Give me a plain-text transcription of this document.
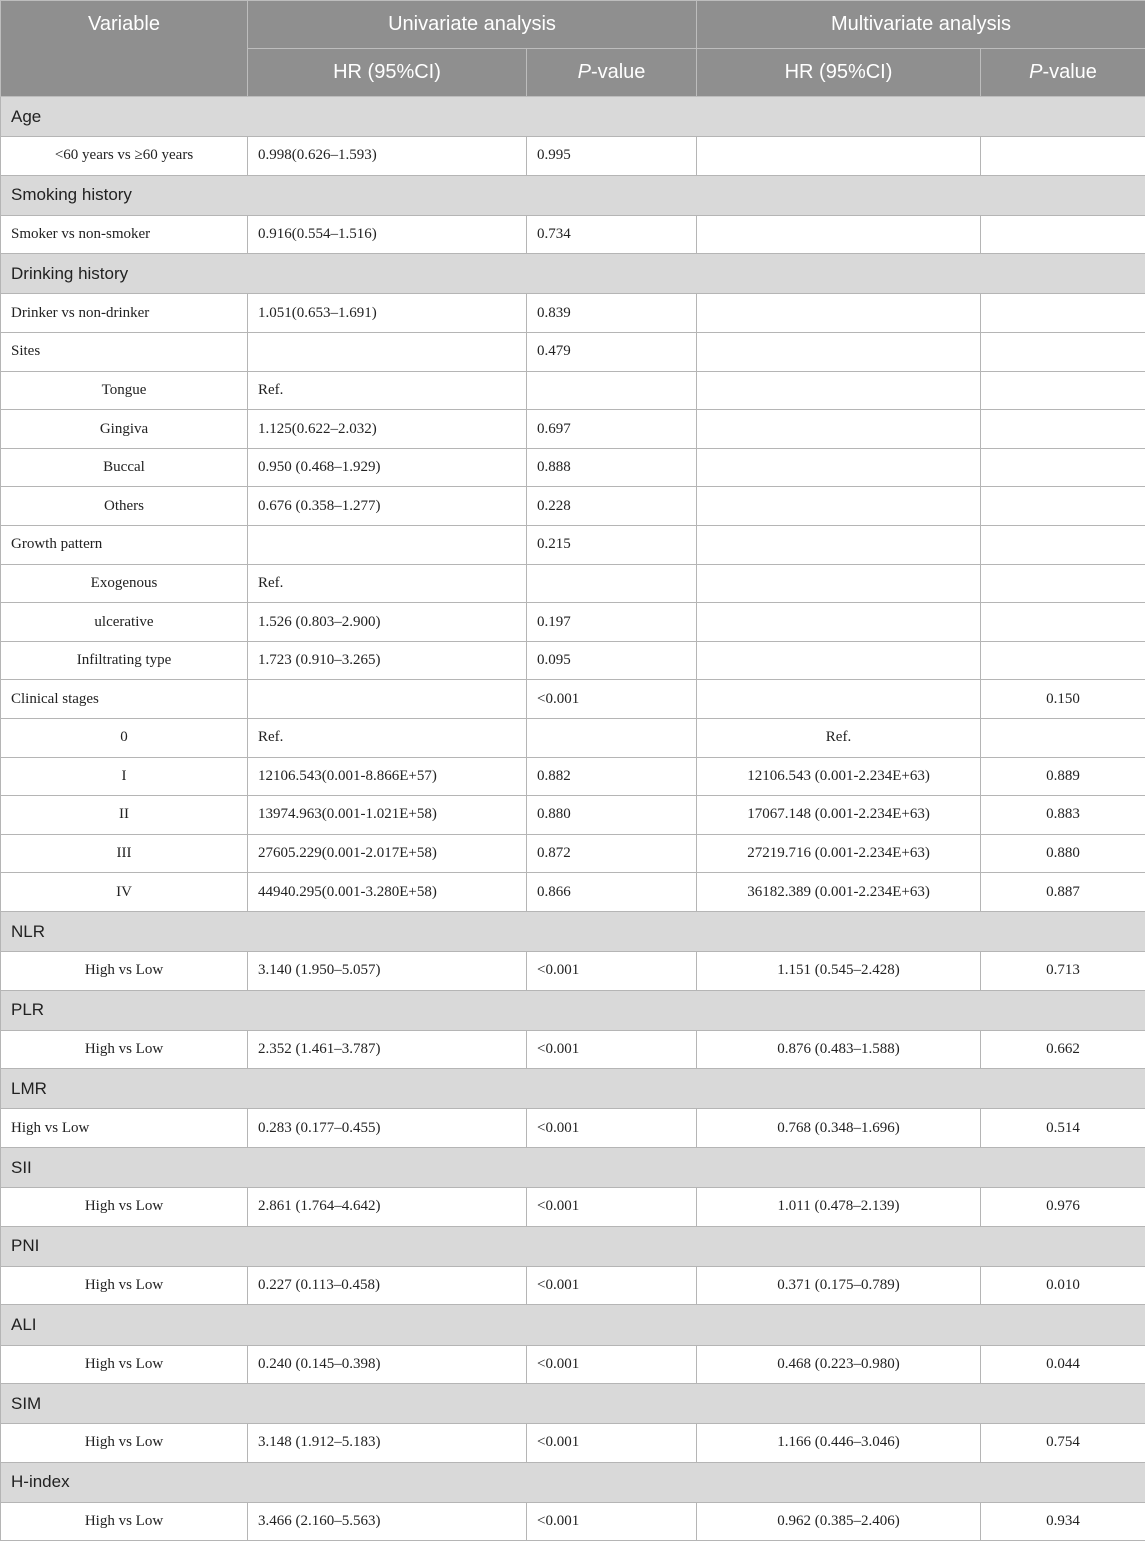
Variable	Univariate analysis		Multivariate analysis	
	HR (95%CI)	P-value	HR (95%CI)	P-value
Age				
<60 years vs ≥60 years	0.998(0.626–1.593)	0.995		
Smoking history				
Smoker vs non-smoker	0.916(0.554–1.516)	0.734		
Drinking history				
Drinker vs non-drinker	1.051(0.653–1.691)	0.839		
Sites		0.479		
Tongue	Ref.			
Gingiva	1.125(0.622–2.032)	0.697		
Buccal	0.950 (0.468–1.929)	0.888		
Others	0.676 (0.358–1.277)	0.228		
Growth pattern		0.215		
Exogenous	Ref.			
ulcerative	1.526 (0.803–2.900)	0.197		
Infiltrating type	1.723 (0.910–3.265)	0.095		
Clinical stages		<0.001		0.150
0	Ref.		Ref.	
I	12106.543(0.001-8.866E+57)	0.882	12106.543 (0.001-2.234E+63)	0.889
II	13974.963(0.001-1.021E+58)	0.880	17067.148 (0.001-2.234E+63)	0.883
III	27605.229(0.001-2.017E+58)	0.872	27219.716 (0.001-2.234E+63)	0.880
IV	44940.295(0.001-3.280E+58)	0.866	36182.389 (0.001-2.234E+63)	0.887
NLR				
High vs Low	3.140 (1.950–5.057)	<0.001	1.151 (0.545–2.428)	0.713
PLR				
High vs Low	2.352 (1.461–3.787)	<0.001	0.876 (0.483–1.588)	0.662
LMR				
High vs Low	0.283 (0.177–0.455)	<0.001	0.768 (0.348–1.696)	0.514
SII				
High vs Low	2.861 (1.764–4.642)	<0.001	1.011 (0.478–2.139)	0.976
PNI				
High vs Low	0.227 (0.113–0.458)	<0.001	0.371 (0.175–0.789)	0.010
ALI				
High vs Low	0.240 (0.145–0.398)	<0.001	0.468 (0.223–0.980)	0.044
SIM				
High vs Low	3.148 (1.912–5.183)	<0.001	1.166 (0.446–3.046)	0.754
H-index				
High vs Low	3.466 (2.160–5.563)	<0.001	0.962 (0.385–2.406)	0.934
